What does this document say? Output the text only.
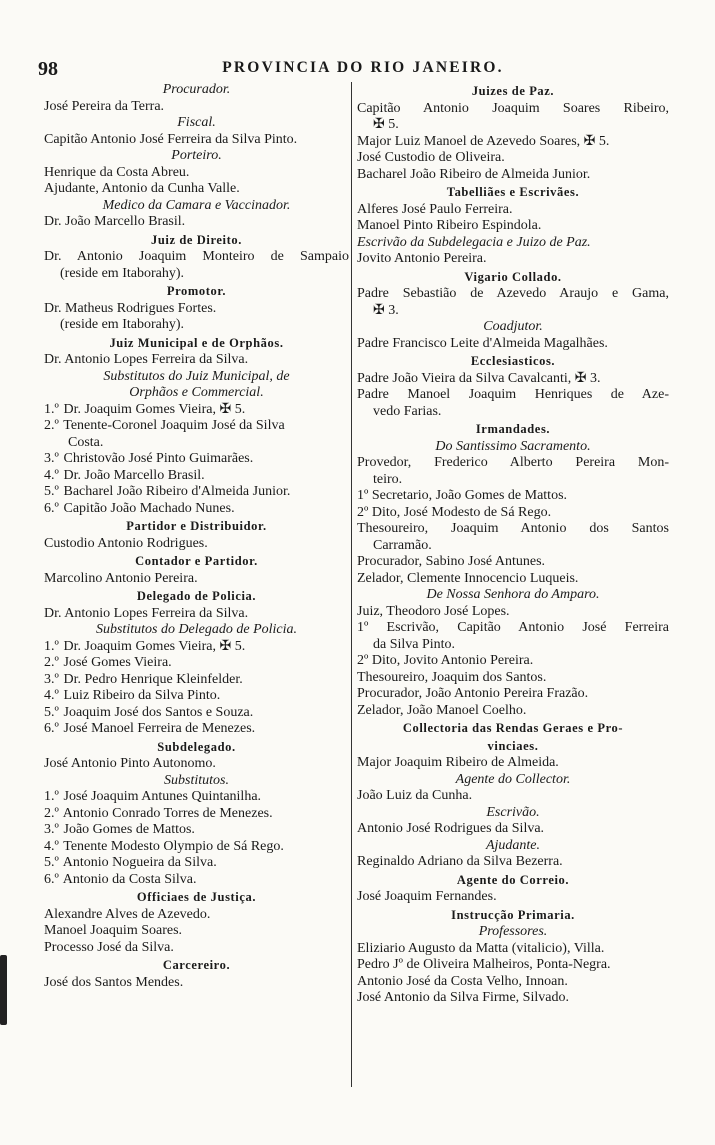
98	PROVINCIA DO RIO JANEIRO.
Procurador.
José Pereira da Terra.
Fiscal.
Capitão Antonio José Ferreira da Silva Pinto.
Porteiro.
Henrique da Costa Abreu.
Ajudante, Antonio da Cunha Valle.
Medico da Camara e Vaccinador.
Dr. João Marcello Brasil.
Juiz de Direito.
Dr. Antonio Joaquim Monteiro de Sampaio
(reside em Itaborahy).
Promotor.
Dr. Matheus Rodrigues Fortes.
(reside em Itaborahy).
Juiz Municipal e de Orphãos.
Dr. Antonio Lopes Ferreira da Silva.
Substitutos do Juiz Municipal, de
Orphãos e Commercial.
1.º Dr. Joaquim Gomes Vieira, ✠ 5.
2.º Tenente-Coronel Joaquim José da Silva
Costa.
3.º Christovão José Pinto Guimarães.
4.º Dr. João Marcello Brasil.
5.º Bacharel João Ribeiro d'Almeida Junior.
6.º Capitão João Machado Nunes.
Partidor e Distribuidor.
Custodio Antonio Rodrigues.
Contador e Partidor.
Marcolino Antonio Pereira.
Delegado de Policia.
Dr. Antonio Lopes Ferreira da Silva.
Substitutos do Delegado de Policia.
1.º Dr. Joaquim Gomes Vieira, ✠ 5.
2.º José Gomes Vieira.
3.º Dr. Pedro Henrique Kleinfelder.
4.º Luiz Ribeiro da Silva Pinto.
5.º Joaquim José dos Santos e Souza.
6.º José Manoel Ferreira de Menezes.
Subdelegado.
José Antonio Pinto Autonomo.
Substitutos.
1.º José Joaquim Antunes Quintanilha.
2.º Antonio Conrado Torres de Menezes.
3.º João Gomes de Mattos.
4.º Tenente Modesto Olympio de Sá Rego.
5.º Antonio Nogueira da Silva.
6.º Antonio da Costa Silva.
Officiaes de Justiça.
Alexandre Alves de Azevedo.
Manoel Joaquim Soares.
Processo José da Silva.
Carcereiro.
José dos Santos Mendes.
Juizes de Paz.
Capitão Antonio Joaquim Soares Ribeiro,
✠ 5.
Major Luiz Manoel de Azevedo Soares, ✠ 5.
José Custodio de Oliveira.
Bacharel João Ribeiro de Almeida Junior.
Tabelliães e Escrivães.
Alferes José Paulo Ferreira.
Manoel Pinto Ribeiro Espindola.
Escrivão da Subdelegacia e Juizo de Paz.
Jovito Antonio Pereira.
Vigario Collado.
Padre Sebastião de Azevedo Araujo e Gama,
✠ 3.
Coadjutor.
Padre Francisco Leite d'Almeida Magalhães.
Ecclesiasticos.
Padre João Vieira da Silva Cavalcanti, ✠ 3.
Padre Manoel Joaquim Henriques de Aze-
vedo Farias.
Irmandades.
Do Santissimo Sacramento.
Provedor, Frederico Alberto Pereira Mon-
teiro.
1º Secretario, João Gomes de Mattos.
2º Dito, José Modesto de Sá Rego.
Thesoureiro, Joaquim Antonio dos Santos
Carramão.
Procurador, Sabino José Antunes.
Zelador, Clemente Innocencio Luqueis.
De Nossa Senhora do Amparo.
Juiz, Theodoro José Lopes.
1º Escrivão, Capitão Antonio José Ferreira
da Silva Pinto.
2º Dito, Jovito Antonio Pereira.
Thesoureiro, Joaquim dos Santos.
Procurador, João Antonio Pereira Frazão.
Zelador, João Manoel Coelho.
Collectoria das Rendas Geraes e Pro-
vinciaes.
Major Joaquim Ribeiro de Almeida.
Agente do Collector.
João Luiz da Cunha.
Escrivão.
Antonio José Rodrigues da Silva.
Ajudante.
Reginaldo Adriano da Silva Bezerra.
Agente do Correio.
José Joaquim Fernandes.
Instrucção Primaria.
Professores.
Eliziario Augusto da Matta (vitalicio), Villa.
Pedro Jº de Oliveira Malheiros, Ponta-Negra.
Antonio José da Costa Velho, Innoan.
José Antonio da Silva Firme, Silvado.
